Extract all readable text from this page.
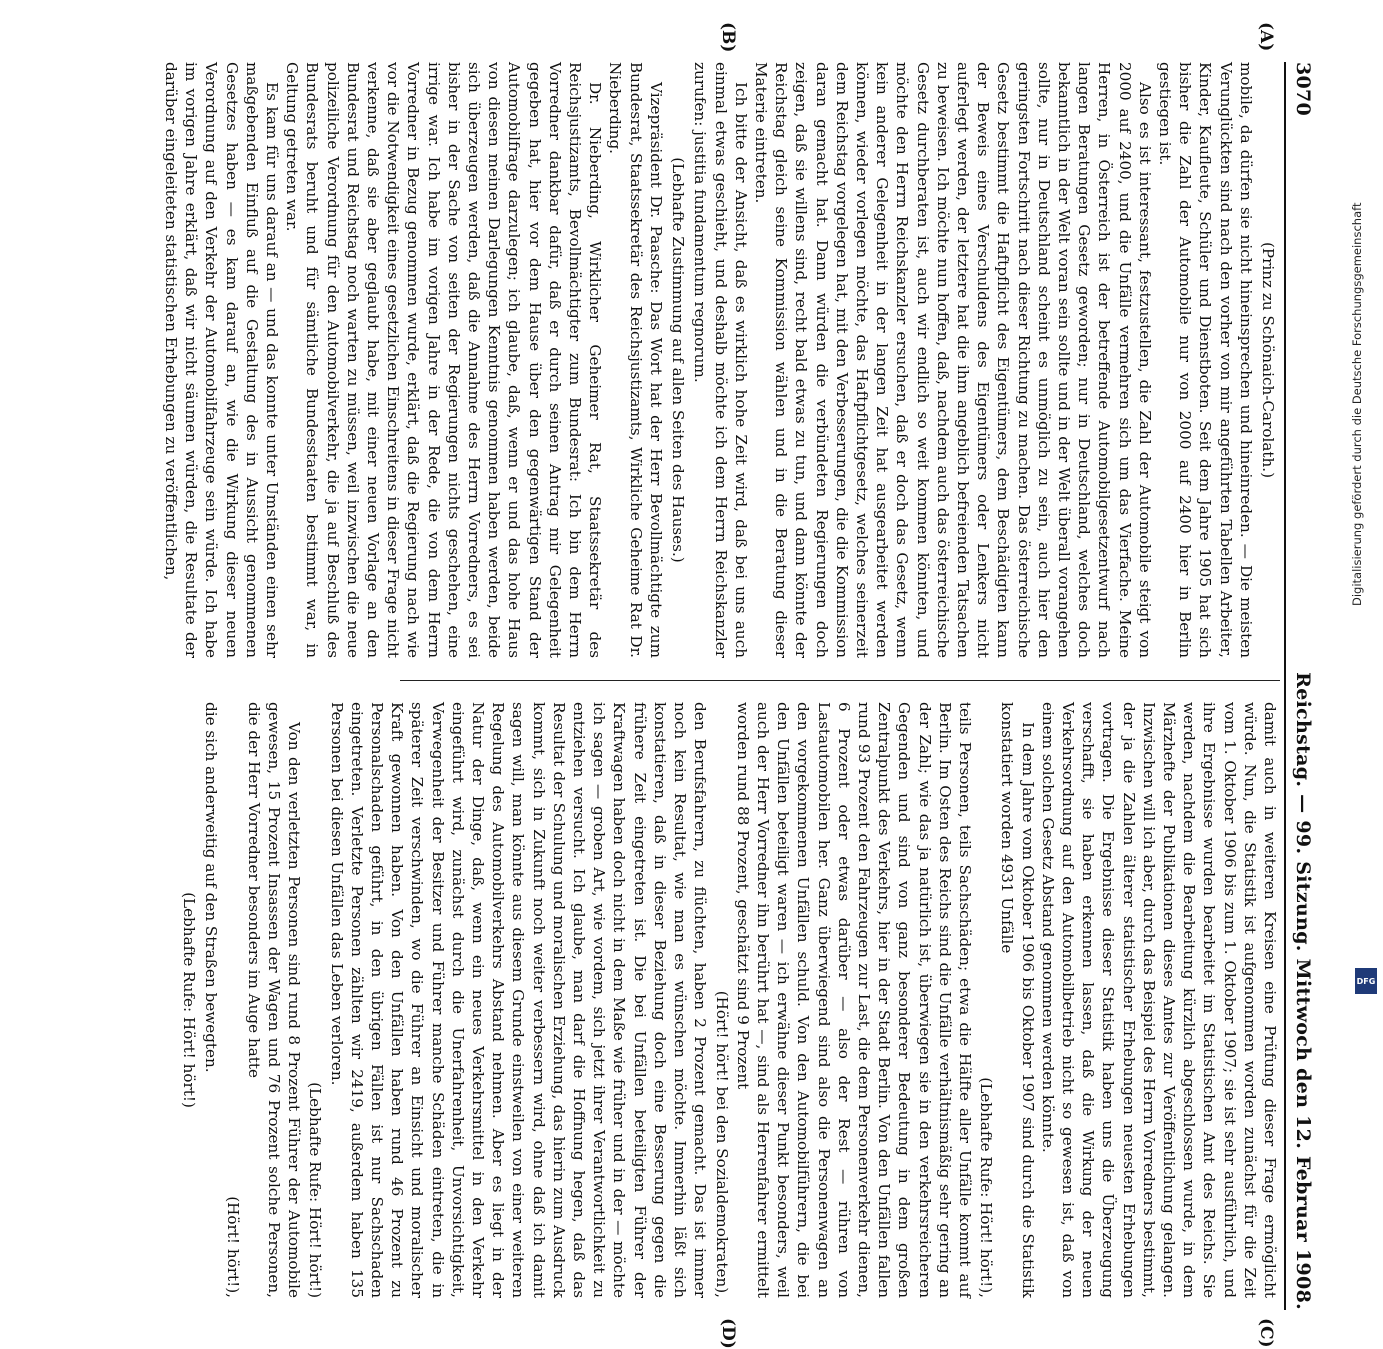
3070
Reichstag. — 99. Sitzung. Mittwoch den 12. Februar 1908.
(A)
(B)
(C)
(D)

(Prinz zu Schönaich-Carolath.)

mobile, da dürfen sie nicht hineinsprechen und hineinreden. — Die meisten Verunglückten sind nach den vorher von mir angeführten Tabellen Arbeiter, Kinder, Kaufleute, Schüler und Dienstboten. Seit dem Jahre 1905 hat sich bisher die Zahl der Automobile nur von 2000 auf 2400 hier in Berlin gestiegen ist.

Also es ist interessant, festzustellen, die Zahl der Automobile steigt von 2000 auf 2400, und die Unfälle vermehren sich um das Vierfache. Meine Herren, in Österreich ist der betreffende Automobilgesetzentwurf nach langen Beratungen Gesetz geworden; nur in Deutschland, welches doch bekanntlich in der Welt voran sein sollte und in der Welt überall vorangehen sollte, nur in Deutschland scheint es unmöglich zu sein, auch hier den geringsten Fortschritt nach dieser Richtung zu machen. Das österreichische Gesetz bestimmt die Haftpflicht des Eigentümers, dem Beschädigten kann der Beweis eines Verschuldens des Eigentümers oder Lenkers nicht auferlegt werden, der letztere hat die ihm angeblich befreienden Tatsachen zu beweisen. Ich möchte nun hoffen, daß, nachdem auch das österreichische Gesetz durchberaten ist, auch wir endlich so weit kommen könnten, und möchte den Herrn Reichskanzler ersuchen, daß er doch das Gesetz, wenn kein anderer Gelegenheit in der langen Zeit hat ausgearbeitet werden können, wieder vorlegen möchte, das Haftpflichtgesetz, welches seinerzeit dem Reichstag vorgelegen hat, mit den Verbesserungen, die die Kommission daran gemacht hat. Dann würden die verbündeten Regierungen doch zeigen, daß sie willens sind, recht bald etwas zu tun, und dann könnte der Reichstag gleich seine Kommission wählen und in die Beratung dieser Materie eintreten.

Ich bitte der Ansicht, daß es wirklich hohe Zeit wird, daß bei uns auch einmal etwas geschieht, und deshalb möchte ich dem Herrn Reichskanzler zurufen: justitia fundamentum regnorum.

(Lebhafte Zustimmung auf allen Seiten des Hauses.)

Vizepräsident Dr. Paasche: Das Wort hat der Herr Bevollmächtigte zum Bundesrat, Staatssekretär des Reichsjustizamts, Wirkliche Geheime Rat Dr. Nieberding.

Dr. Nieberding, Wirklicher Geheimer Rat, Staatssekretär des Reichsjustizamts, Bevollmächtigter zum Bundesrat: Ich bin dem Herrn Vorredner dankbar dafür, daß er durch seinen Antrag mir Gelegenheit gegeben hat, hier vor dem Hause über den gegenwärtigen Stand der Automobilfrage darzulegen; ich glaube, daß, wenn er und das hohe Haus von diesen meinen Darlegungen Kenntnis genommen haben werden, beide sich überzeugen werden, daß die Annahme des Herrn Vorredners, es sei bisher in der Sache von seiten der Regierungen nichts geschehen, eine irrige war. Ich habe im vorigen Jahre in der Rede, die von dem Herrn Vorredner in Bezug genommen wurde, erklärt, daß die Regierung nach wie vor die Notwendigkeit eines gesetzlichen Einschreitens in dieser Frage nicht verkenne, daß sie aber geglaubt habe, mit einer neuen Vorlage an den Bundesrat und Reichstag noch warten zu müssen, weil inzwischen die neue polizeiliche Verordnung für den Automobilverkehr, die ja auf Beschluß des Bundesrats beruht und für sämtliche Bundesstaaten bestimmt war, in Geltung getreten war.

Es kam für uns darauf an — und das konnte unter Umständen einen sehr maßgebenden Einfluß auf die Gestaltung des in Aussicht genommenen Gesetzes haben — es kam darauf an, wie die Wirkung dieser neuen Verordnung auf den Verkehr der Automobilfahrzeuge sein würde. Ich habe im vorigen Jahre erklärt, daß wir nicht säumen würden, die Resultate der darüber eingeleiteten statistischen Erhebungen zu veröffentlichen,

damit auch in weiteren Kreisen eine Prüfung dieser Frage ermöglicht würde. Nun, die Statistik ist aufgenommen worden zunächst für die Zeit vom 1. Oktober 1906 bis zum 1. Oktober 1907; sie ist sehr ausführlich, und ihre Ergebnisse wurden bearbeitet im Statistischen Amt des Reichs. Sie werden, nachdem die Bearbeitung kürzlich abgeschlossen wurde, in dem Märzhefte der Publikationen dieses Amtes zur Veröffentlichung gelangen. Inzwischen will ich aber, durch das Beispiel des Herrn Vorredners bestimmt, der ja die Zahlen älterer statistischer Erhebungen neuesten Erhebungen vortragen. Die Ergebnisse dieser Statistik haben uns die Überzeugung verschafft, sie haben erkennen lassen, daß die Wirkung der neuen Verkehrsordnung auf den Automobilbetrieb nicht so gewesen ist, daß von einem solchen Gesetz Abstand genommen werden könnte.

In dem Jahre vom Oktober 1906 bis Oktober 1907 sind durch die Statistik konstatiert worden 4931 Unfälle

(Lebhafte Rufe: Hört! hört!),

teils Personen, teils Sachschäden; etwa die Hälfte aller Unfälle kommt auf Berlin. Im Osten des Reichs sind die Unfälle verhältnismäßig sehr gering an der Zahl; wie das ja natürlich ist, überwiegen sie in den verkehrsreicheren Gegenden und sind von ganz besonderer Bedeutung in dem großen Zentralpunkt des Verkehrs, hier in der Stadt Berlin. Von den Unfällen fallen rund 93 Prozent den Fahrzeugen zur Last, die dem Personenverkehr dienen, 6 Prozent oder etwas darüber — also der Rest — rühren von Lastautomobilen her. Ganz überwiegend sind also die Personenwagen an den vorgekommenen Unfällen schuld. Von den Automobilführern, die bei den Unfällen beteiligt waren — ich erwähne dieser Punkt besonders, weil auch der Herr Vorredner ihn berührt hat —, sind als Herrenfahrer ermittelt worden rund 88 Prozent, geschätzt sind 9 Prozent

(Hört! hört! bei den Sozialdemokraten),

den Berufsfahrern, zu flüchten, haben 2 Prozent gemacht. Das ist immer noch kein Resultat, wie man es wünschen möchte. Immerhin läßt sich konstatieren, daß in dieser Beziehung doch eine Besserung gegen die frühere Zeit eingetreten ist. Die bei Unfällen beteiligten Führer der Kraftwagen haben doch nicht in dem Maße wie früher und in der — möchte ich sagen — groben Art, wie vordem, sich jetzt ihrer Verantwortlichkeit zu entziehen versucht. Ich glaube, man darf die Hoffnung hegen, daß das Resultat der Schulung und moralischen Erziehung, das hierin zum Ausdruck kommt, sich in Zukunft noch weiter verbessern wird, ohne daß ich damit sagen will, man könnte aus diesem Grunde einstweilen von einer weiteren Regelung des Automobilverkehrs Abstand nehmen. Aber es liegt in der Natur der Dinge, daß, wenn ein neues Verkehrsmittel in den Verkehr eingeführt wird, zunächst durch die Unerfahrenheit, Unvorsichtigkeit, Verwegenheit der Besitzer und Führer manche Schäden eintreten, die in späterer Zeit verschwinden, wo die Führer an Einsicht und moralischer Kraft gewonnen haben. Von den Unfällen haben rund 46 Prozent zu Personalschaden geführt, in den übrigen Fällen ist nur Sachschaden eingetreten. Verletzte Personen zählten wir 2419, außerdem haben 135 Personen bei diesen Unfällen das Leben verloren.

(Lebhafte Rufe: Hört! hört!)

Von den verletzten Personen sind rund 8 Prozent Führer der Automobile gewesen, 15 Prozent Insassen der Wagen und 76 Prozent solche Personen, die der Herr Vorredner besonders im Auge hatte

(Hört! hört!),

die sich anderweitig auf den Straßen bewegten.

(Lebhafte Rufe: Hört! hört!)

Digitalisierung gefördert durch die Deutsche Forschungsgemeinschaft
DFG
